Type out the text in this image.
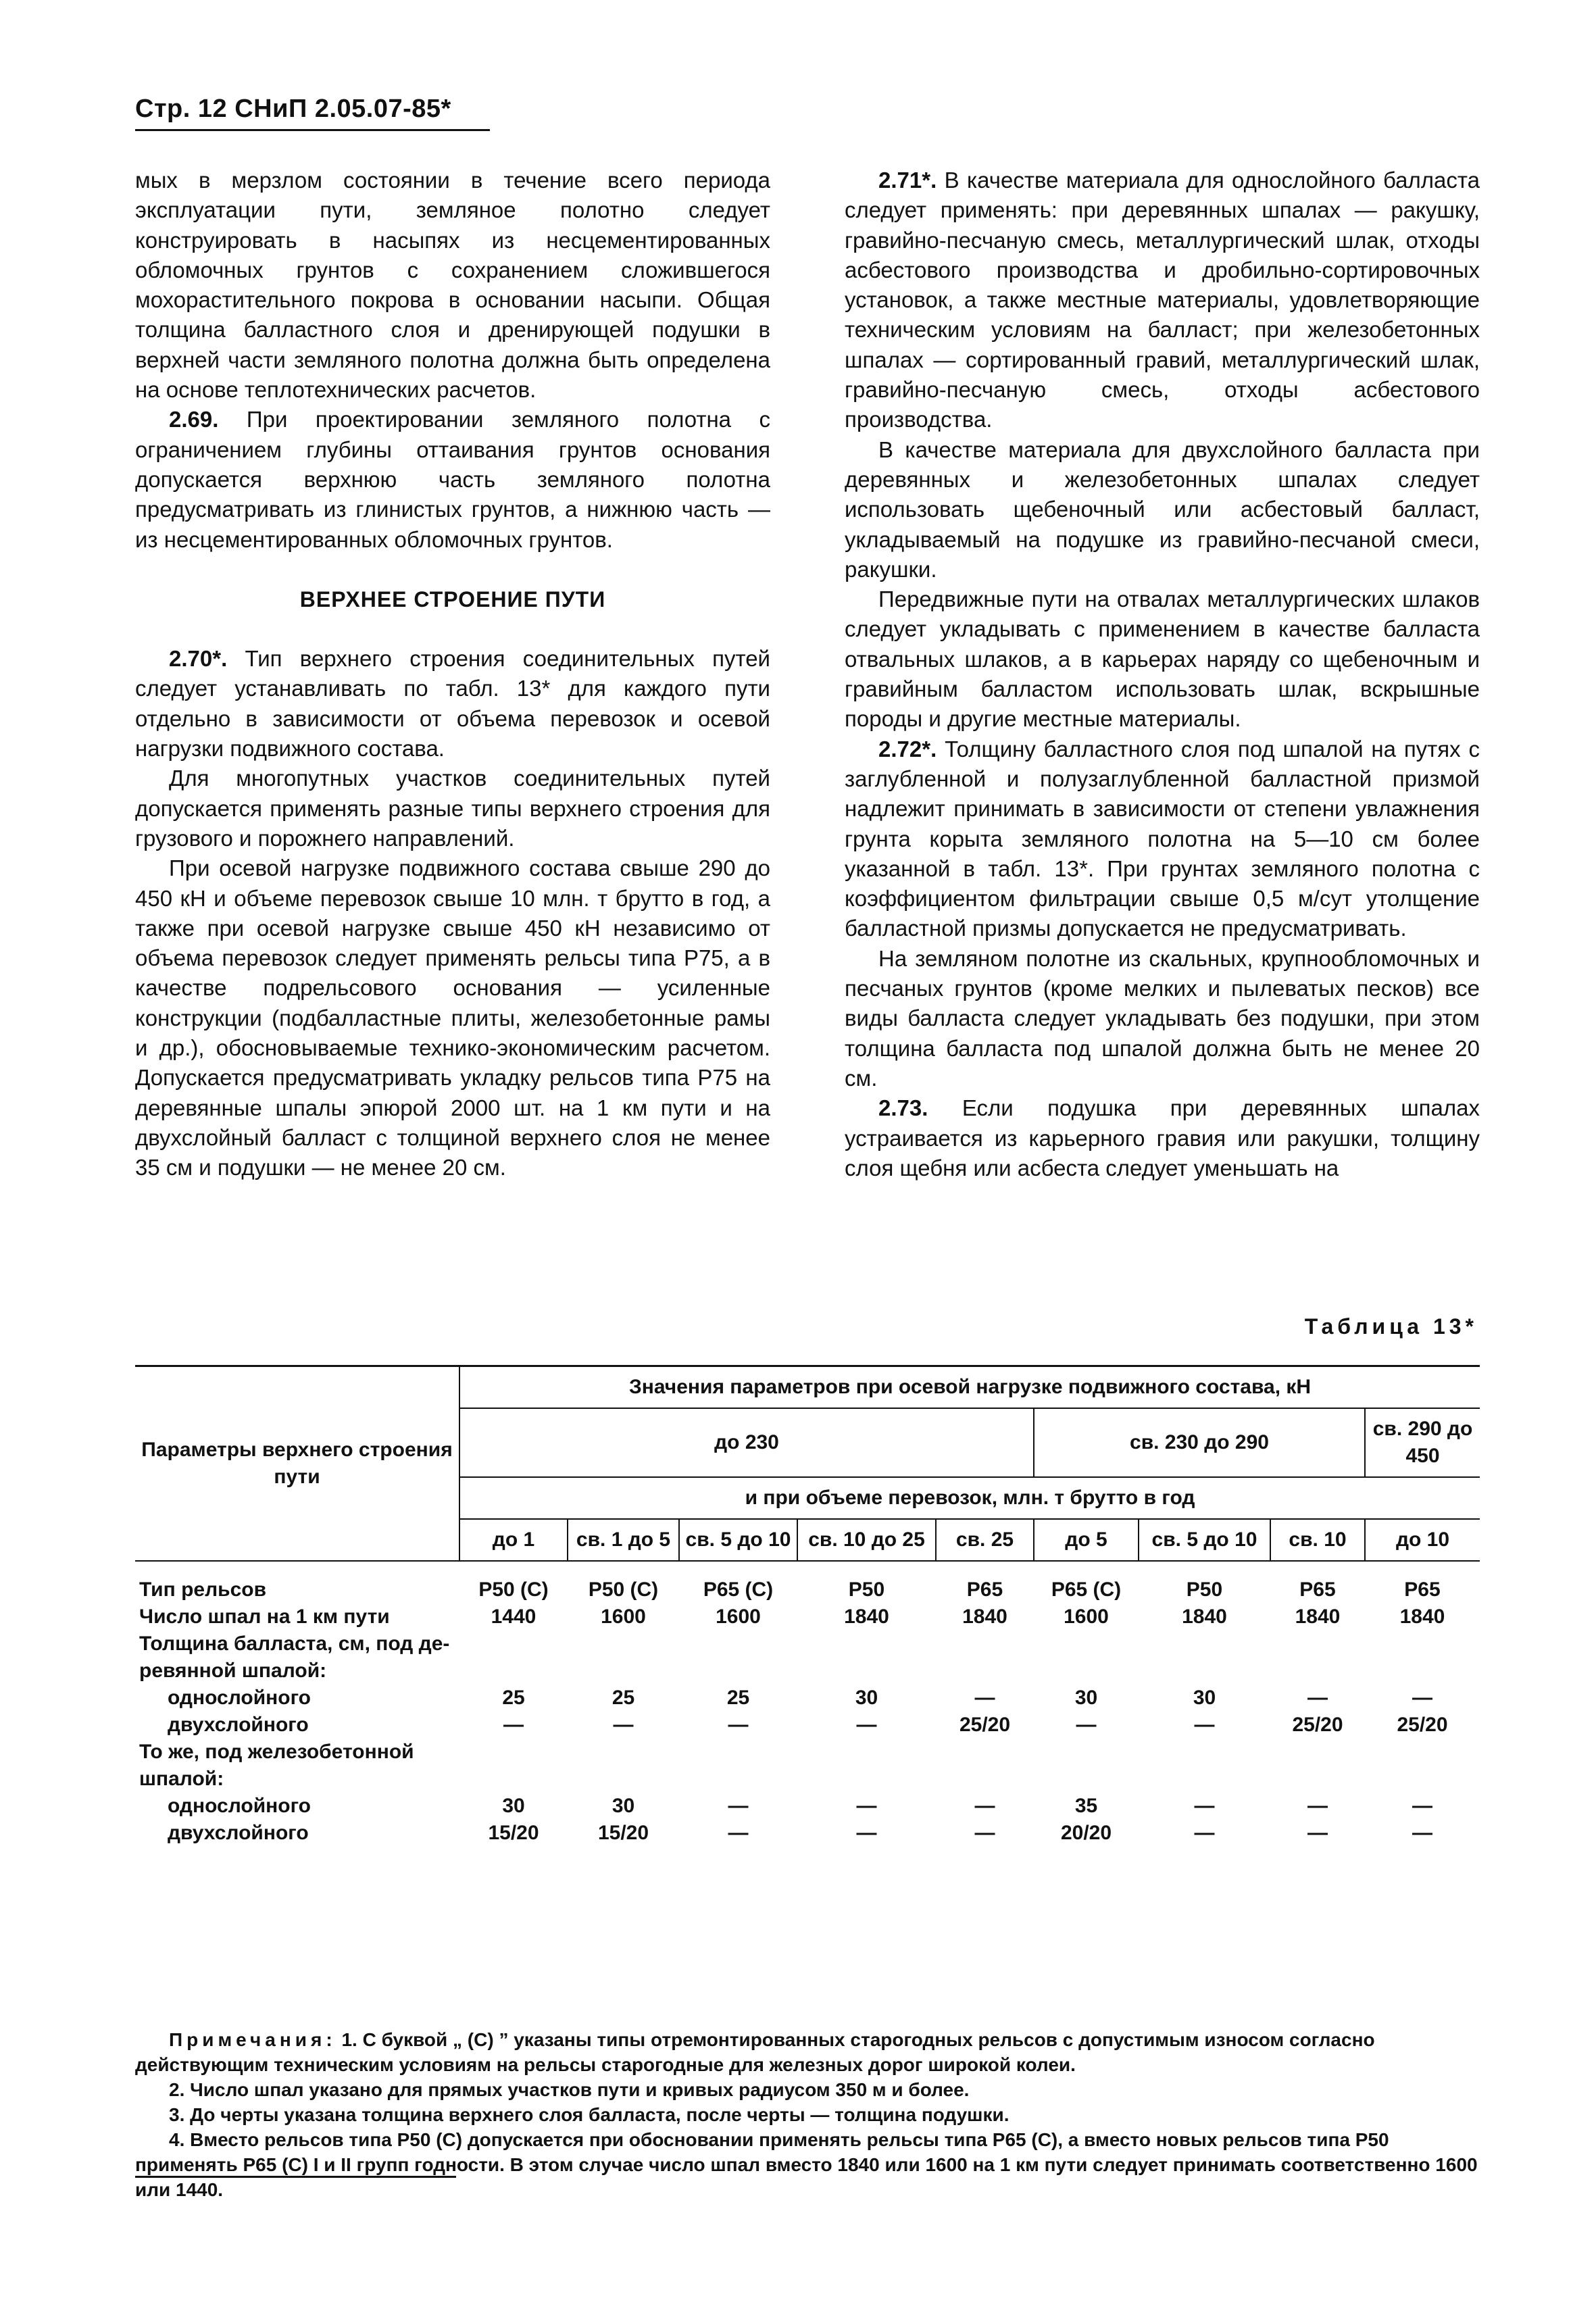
Стр. 12 СНиП 2.05.07-85*

мых в мерзлом состоянии в течение всего периода эксплуатации пути, земляное полотно следует конструировать в насыпях из несцементированных обломочных грунтов с сохранением сложившегося мохорастительного покрова в основании насыпи. Общая толщина балластного слоя и дренирующей подушки в верхней части земляного полотна должна быть определена на основе теплотехнических расчетов.

2.69. При проектировании земляного полотна с ограничением глубины оттаивания грунтов основания допускается верхнюю часть земляного полотна предусматривать из глинистых грунтов, а нижнюю часть — из несцементированных обломочных грунтов.

ВЕРХНЕЕ СТРОЕНИЕ ПУТИ

2.70*. Тип верхнего строения соединительных путей следует устанавливать по табл. 13* для каждого пути отдельно в зависимости от объема перевозок и осевой нагрузки подвижного состава.

Для многопутных участков соединительных путей допускается применять разные типы верхнего строения для грузового и порожнего направлений.

При осевой нагрузке подвижного состава свыше 290 до 450 кН и объеме перевозок свыше 10 млн. т брутто в год, а также при осевой нагрузке свыше 450 кН независимо от объема перевозок следует применять рельсы типа Р75, а в качестве подрельсового основания — усиленные конструкции (подбалластные плиты, железобетонные рамы и др.), обосновываемые технико-экономическим расчетом. Допускается предусматривать укладку рельсов типа Р75 на деревянные шпалы эпюрой 2000 шт. на 1 км пути и на двухслойный балласт с толщиной верхнего слоя не менее 35 см и подушки — не менее 20 см.

2.71*. В качестве материала для однослойного балласта следует применять: при деревянных шпалах — ракушку, гравийно-песчаную смесь, металлургический шлак, отходы асбестового производства и дробильно-сортировочных установок, а также местные материалы, удовлетворяющие техническим условиям на балласт; при железобетонных шпалах — сортированный гравий, металлургический шлак, гравийно-песчаную смесь, отходы асбестового производства.

В качестве материала для двухслойного балласта при деревянных и железобетонных шпалах следует использовать щебеночный или асбестовый балласт, укладываемый на подушке из гравийно-песчаной смеси, ракушки.

Передвижные пути на отвалах металлургических шлаков следует укладывать с применением в качестве балласта отвальных шлаков, а в карьерах наряду со щебеночным и гравийным балластом использовать шлак, вскрышные породы и другие местные материалы.

2.72*. Толщину балластного слоя под шпалой на путях с заглубленной и полузаглубленной балластной призмой надлежит принимать в зависимости от степени увлажнения грунта корыта земляного полотна на 5—10 см более указанной в табл. 13*. При грунтах земляного полотна с коэффициентом фильтрации свыше 0,5 м/сут утолщение балластной призмы допускается не предусматривать.

На земляном полотне из скальных, крупнообломочных и песчаных грунтов (кроме мелких и пылеватых песков) все виды балласта следует укладывать без подушки, при этом толщина балласта под шпалой должна быть не менее 20 см.

2.73. Если подушка при деревянных шпалах устраивается из карьерного гравия или ракушки, толщину слоя щебня или асбеста следует уменьшать на

Таблица 13*
Параметры верхнего строения пути	Значения параметров при осевой нагрузке подвижного состава, кН								
	до 230					св. 230 до 290			св. 290 до 450
	и при объеме перевозок, млн. т брутто в год								
	до 1	св. 1 до 5	св. 5 до 10	св. 10 до 25	св. 25	до 5	св. 5 до 10	св. 10	до 10
Тип рельсов	Р50 (С)	Р50 (С)	Р65 (С)	Р50	Р65	Р65 (С)	Р50	Р65	Р65
Число шпал на 1 км пути	1440	1600	1600	1840	1840	1600	1840	1840	1840
Толщина балласта, см, под де-									
ревянной шпалой:									
однослойного	25	25	25	30	—	30	30	—	—
двухслойного	—	—	—	—	25/20	—	—	25/20	25/20
То же, под железобетонной									
шпалой:									
однослойного	30	30	—	—	—	35	—	—	—
двухслойного	15/20	15/20	—	—	—	20/20	—	—	—

Примечания: 1. С буквой „ (С) ” указаны типы отремонтированных старогодных рельсов с допустимым износом согласно действующим техническим условиям на рельсы старогодные для железных дорог широкой колеи.

2. Число шпал указано для прямых участков пути и кривых радиусом 350 м и более.

3. До черты указана толщина верхнего слоя балласта, после черты — толщина подушки.

4. Вместо рельсов типа Р50 (С) допускается при обосновании применять рельсы типа Р65 (С), а вместо новых рельсов типа Р50 применять Р65 (С) I и II групп годности. В этом случае число шпал вместо 1840 или 1600 на 1 км пути следует принимать соответственно 1600 или 1440.
